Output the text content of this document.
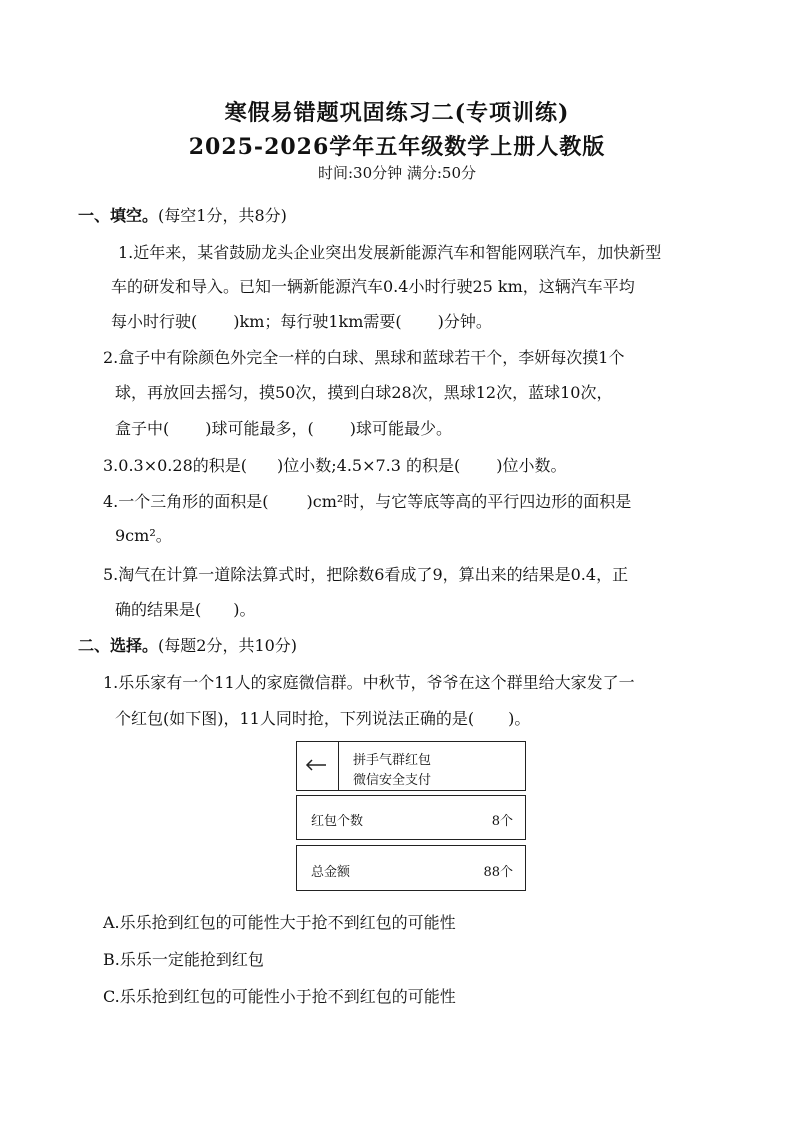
寒假易错题巩固练习二(专项训练)
2025-2026学年五年级数学上册人教版
时间:30分钟 满分:50分
一、填空。(每空1分，共8分)
1.近年来，某省鼓励龙头企业突出发展新能源汽车和智能网联汽车，加快新型
车的研发和导入。已知一辆新能源汽车0.4小时行驶25 km，这辆汽车平均
每小时行驶( )km；每行驶1km需要( )分钟。
2.盒子中有除颜色外完全一样的白球、黑球和蓝球若干个，李妍每次摸1个
球，再放回去摇匀，摸50次，摸到白球28次，黑球12次，蓝球10次，
盒子中( )球可能最多，( )球可能最少。
3.0.3×0.28的积是( )位小数;4.5×7.3 的积是( )位小数。
4.一个三角形的面积是( )cm²时，与它等底等高的平行四边形的面积是
9cm²。
5.淘气在计算一道除法算式时，把除数6看成了9，算出来的结果是0.4，正
确的结果是( )。
二、选择。(每题2分，共10分)
1.乐乐家有一个11人的家庭微信群。中秋节，爷爷在这个群里给大家发了一
个红包(如下图)，11人同时抢，下列说法正确的是( )。
拼手气群红包
微信安全支付
红包个数	8个
总金额	88个
A.乐乐抢到红包的可能性大于抢不到红包的可能性
B.乐乐一定能抢到红包
C.乐乐抢到红包的可能性小于抢不到红包的可能性
